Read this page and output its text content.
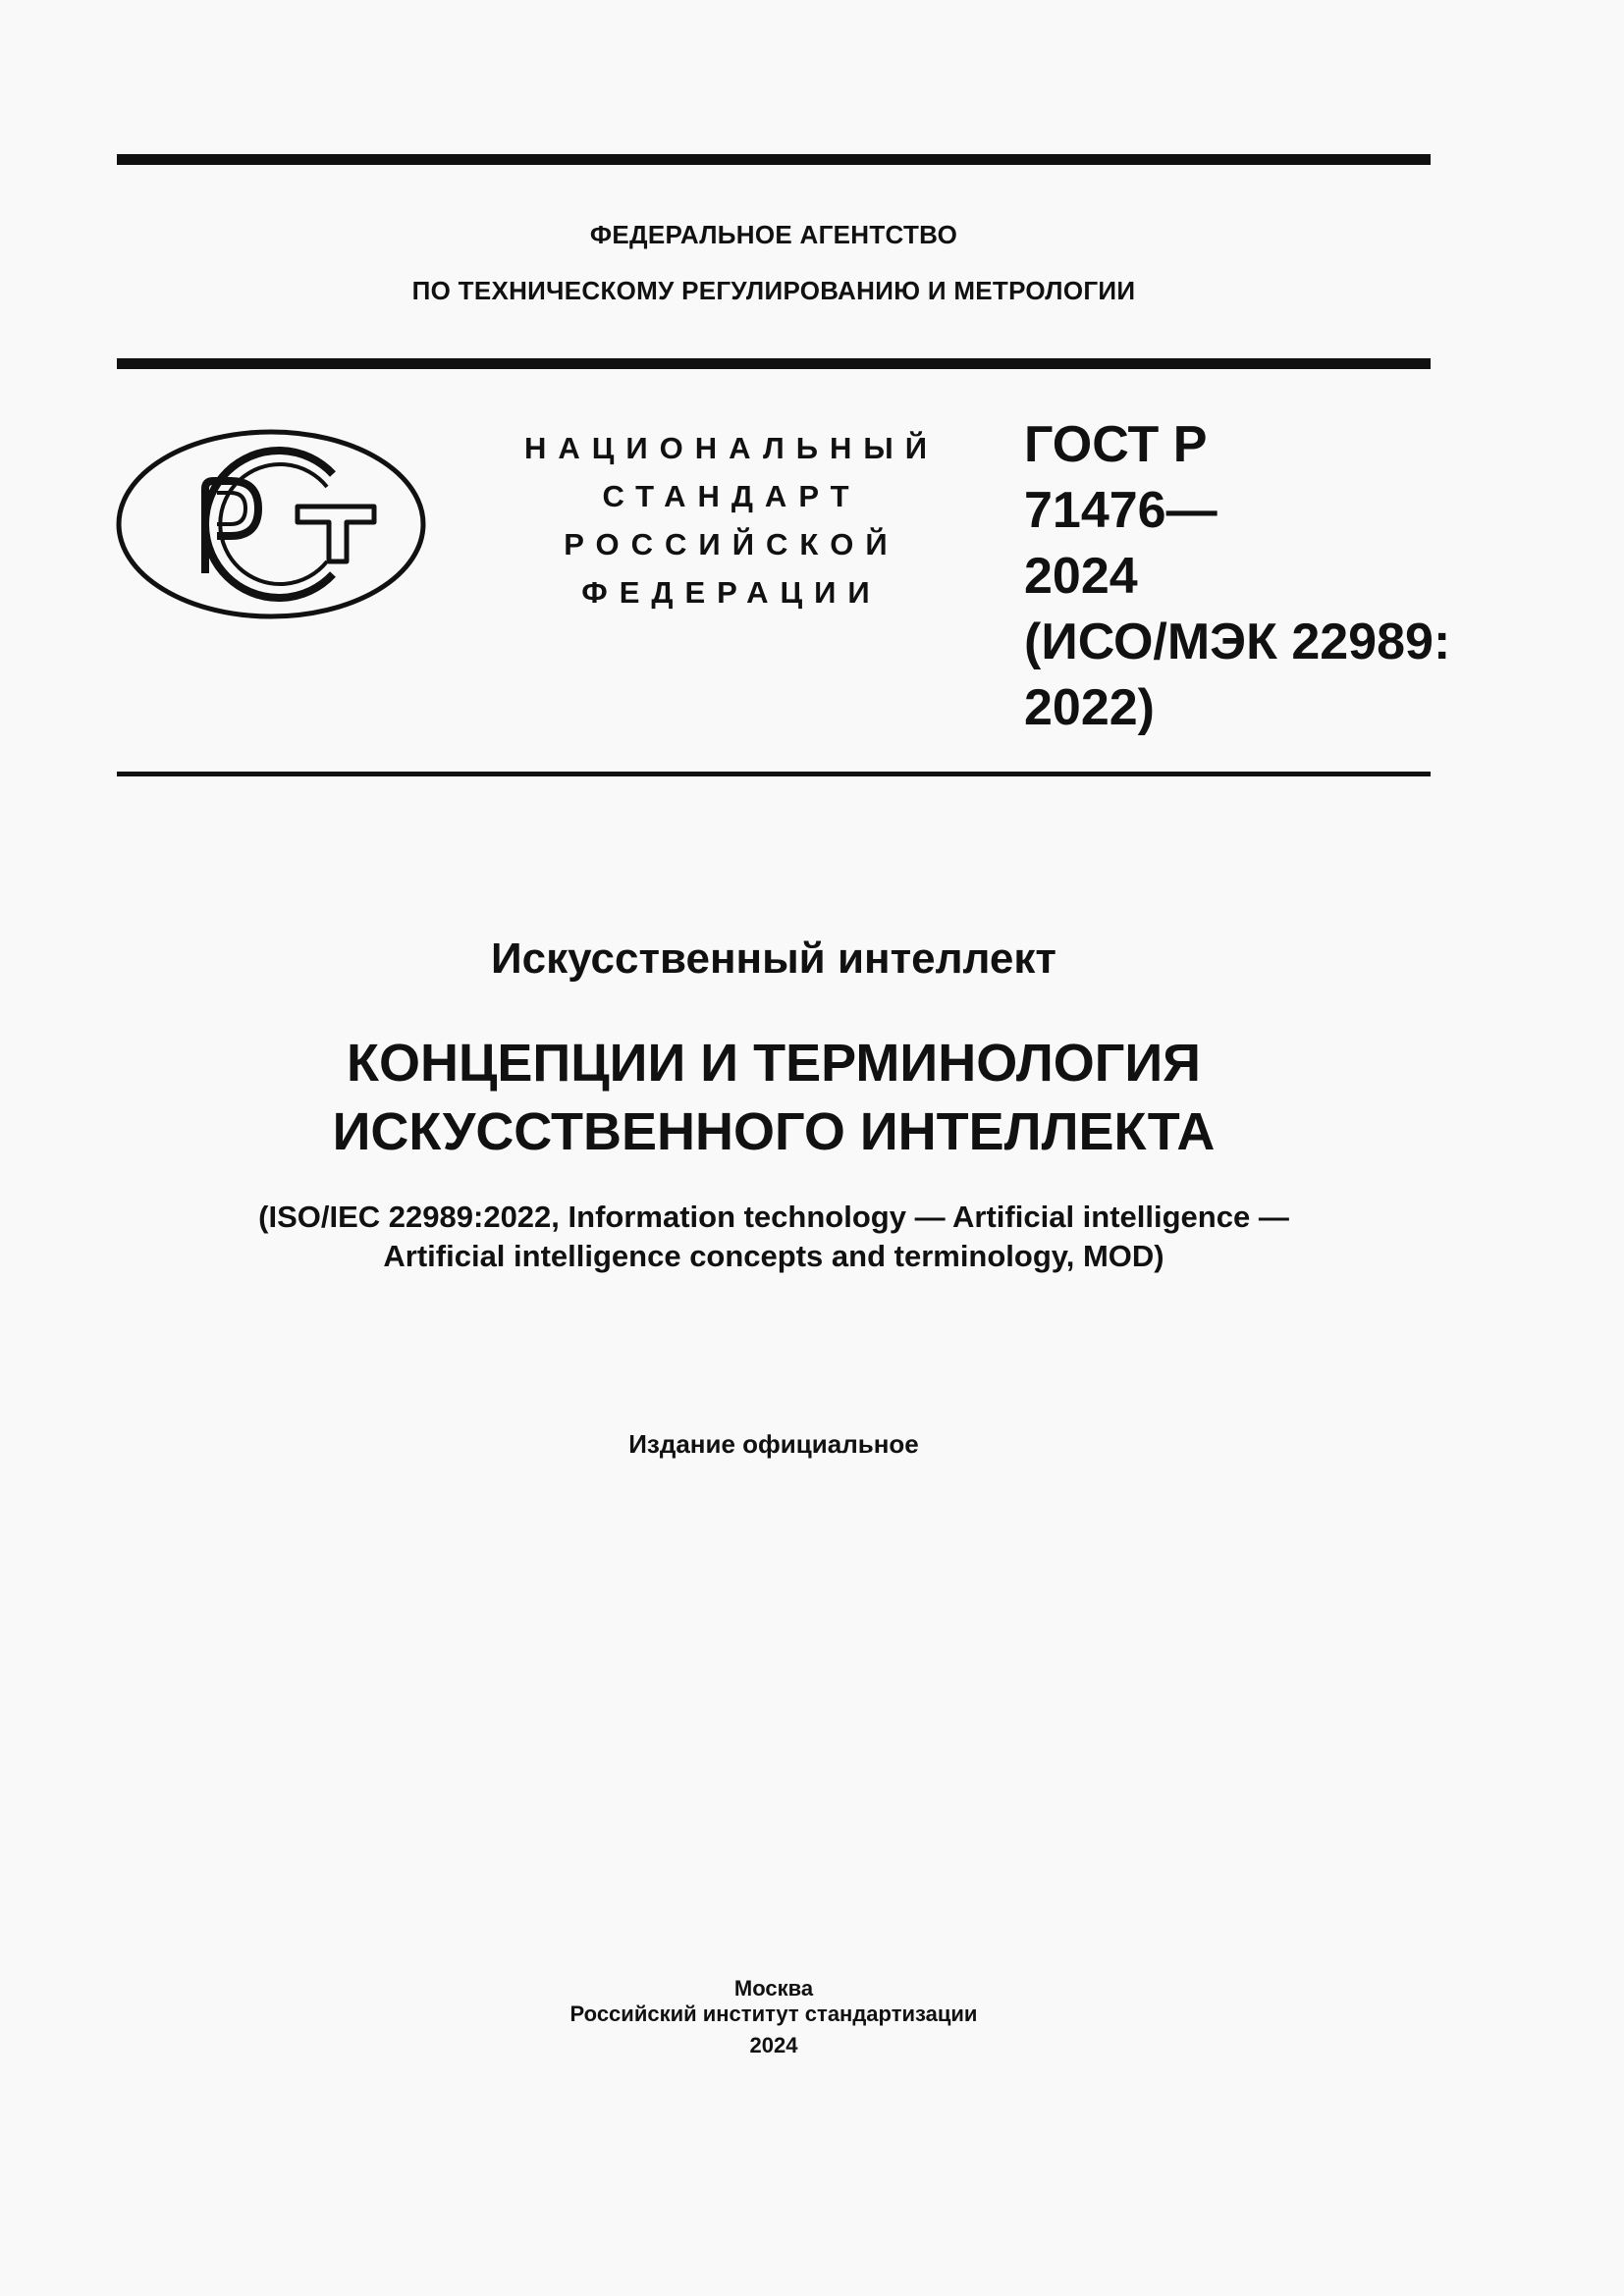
ФЕДЕРАЛЬНОЕ АГЕНТСТВО
ПО ТЕХНИЧЕСКОМУ РЕГУЛИРОВАНИЮ И МЕТРОЛОГИИ
НАЦИОНАЛЬНЫЙ
СТАНДАРТ
РОССИЙСКОЙ
ФЕДЕРАЦИИ
ГОСТ Р
71476—
2024
(ИСО/МЭК 22989:
2022)
Искусственный интеллект
КОНЦЕПЦИИ И ТЕРМИНОЛОГИЯ
ИСКУССТВЕННОГО ИНТЕЛЛЕКТА
(ISO/IEC 22989:2022, Information technology — Artificial intelligence —
Artificial intelligence concepts and terminology, MOD)
Издание официальное
Москва
Российский институт стандартизации
2024
